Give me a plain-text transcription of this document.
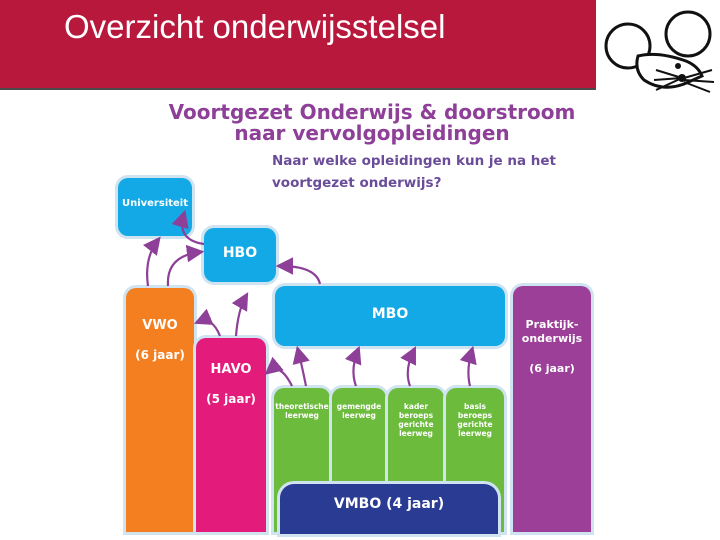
Overzicht onderwijsstelsel
Voortgezet Onderwijs & doorstroom
naar vervolgopleidingen
Naar welke opleidingen kun je na het
voortgezet onderwijs?
Universiteit
HBO
MBO
VWO
(6 jaar)
HAVO
(5 jaar)
Praktijk-
onderwijs
(6 jaar)
theoretische
leerweg
gemengde
leerweg
kader
beroeps
gerichte
leerweg
basis
beroeps
gerichte
leerweg
VMBO (4 jaar)
